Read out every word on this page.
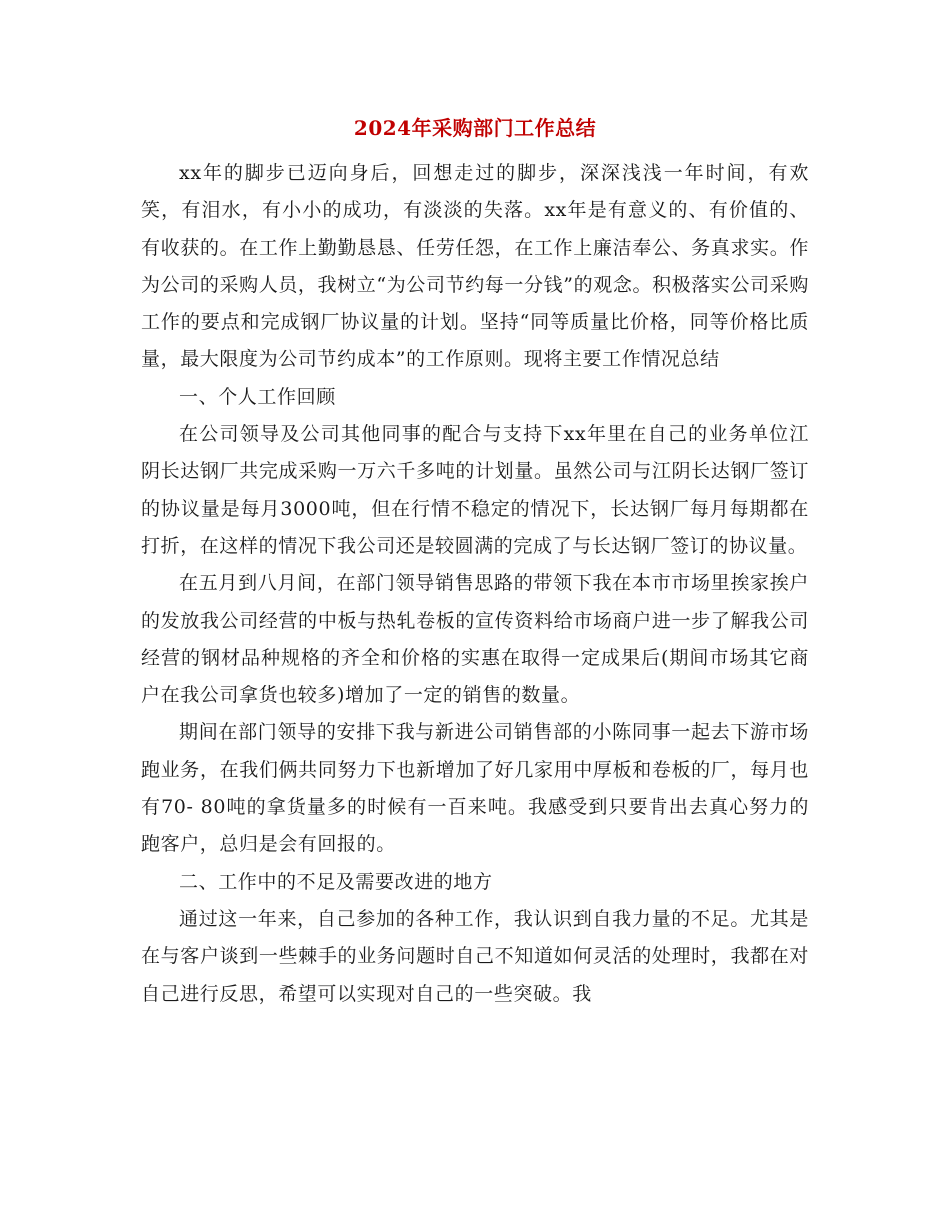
2024年采购部门工作总结

xx年的脚步已迈向身后，回想走过的脚步，深深浅浅一年时间，有欢笑，有泪水，有小小的成功，有淡淡的失落。xx年是有意义的、有价值的、有收获的。在工作上勤勤恳恳、任劳任怨，在工作上廉洁奉公、务真求实。作为公司的采购人员，我树立“为公司节约每一分钱”的观念。积极落实公司采购工作的要点和完成钢厂协议量的计划。坚持“同等质量比价格，同等价格比质量，最大限度为公司节约成本”的工作原则。现将主要工作情况总结

一、个人工作回顾

在公司领导及公司其他同事的配合与支持下xx年里在自己的业务单位江阴长达钢厂共完成采购一万六千多吨的计划量。虽然公司与江阴长达钢厂签订的协议量是每月3000吨，但在行情不稳定的情况下，长达钢厂每月每期都在打折，在这样的情况下我公司还是较圆满的完成了与长达钢厂签订的协议量。

在五月到八月间，在部门领导销售思路的带领下我在本市市场里挨家挨户的发放我公司经营的中板与热轧卷板的宣传资料给市场商户进一步了解我公司经营的钢材品种规格的齐全和价格的实惠在取得一定成果后(期间市场其它商户在我公司拿货也较多)增加了一定的销售的数量。

期间在部门领导的安排下我与新进公司销售部的小陈同事一起去下游市场跑业务，在我们俩共同努力下也新增加了好几家用中厚板和卷板的厂，每月也有70- 80吨的拿货量多的时候有一百来吨。我感受到只要肯出去真心努力的跑客户，总归是会有回报的。

二、工作中的不足及需要改进的地方

通过这一年来，自己参加的各种工作，我认识到自我力量的不足。尤其是在与客户谈到一些棘手的业务问题时自己不知道如何灵活的处理时，我都在对自己进行反思，希望可以实现对自己的一些突破。我
